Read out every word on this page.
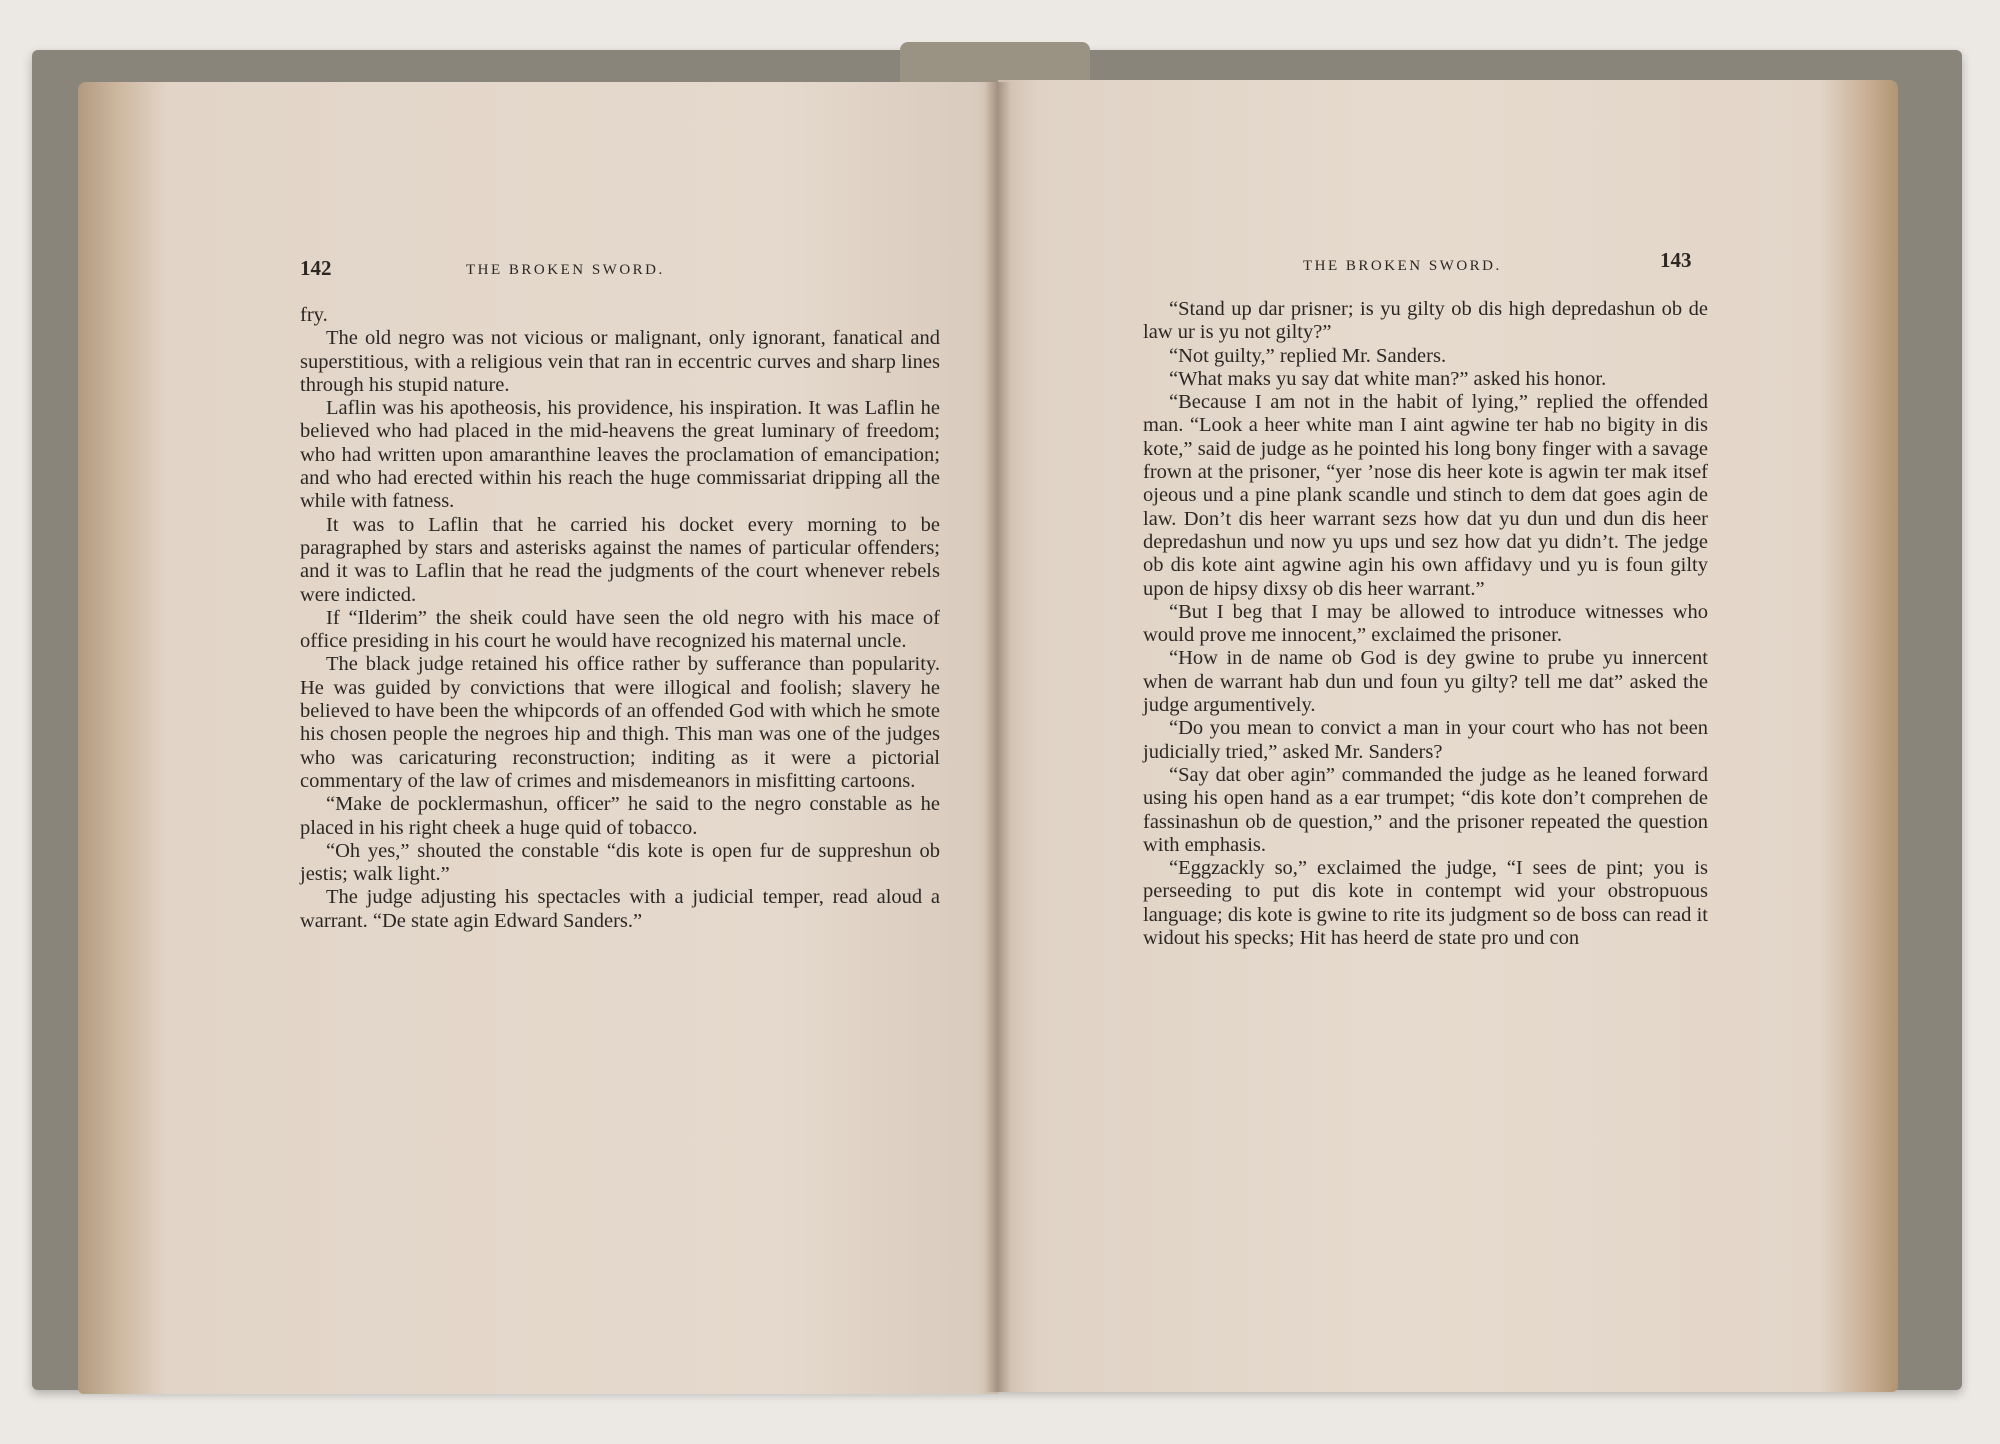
142	THE BROKEN SWORD.

fry.

The old negro was not vicious or malignant, only ignorant, fanatical and superstitious, with a religious vein that ran in eccentric curves and sharp lines through his stupid nature.

Laflin was his apotheosis, his providence, his inspiration. It was Laflin he believed who had placed in the mid-heavens the great luminary of freedom; who had written upon amaranthine leaves the proclamation of emancipation; and who had erected within his reach the huge commissariat dripping all the while with fatness.

It was to Laflin that he carried his docket every morning to be paragraphed by stars and asterisks against the names of particular offenders; and it was to Laflin that he read the judgments of the court whenever rebels were indicted.

If “Ilderim” the sheik could have seen the old negro with his mace of office presiding in his court he would have recognized his maternal uncle.

The black judge retained his office rather by sufferance than popularity. He was guided by convictions that were illogical and foolish; slavery he believed to have been the whipcords of an offended God with which he smote his chosen people the negroes hip and thigh. This man was one of the judges who was caricaturing reconstruction; inditing as it were a pictorial commentary of the law of crimes and misdemeanors in misfitting cartoons.

“Make de pocklermashun, officer” he said to the negro constable as he placed in his right cheek a huge quid of tobacco.

“Oh yes,” shouted the constable “dis kote is open fur de suppreshun ob jestis; walk light.”

The judge adjusting his spectacles with a judicial temper, read aloud a warrant. “De state agin Edward Sanders.”

THE BROKEN SWORD.	143

“Stand up dar prisner; is yu gilty ob dis high depredashun ob de law ur is yu not gilty?”

“Not guilty,” replied Mr. Sanders.

“What maks yu say dat white man?” asked his honor.

“Because I am not in the habit of lying,” replied the offended man. “Look a heer white man I aint agwine ter hab no bigity in dis kote,” said de judge as he pointed his long bony finger with a savage frown at the prisoner, “yer ’nose dis heer kote is agwin ter mak itsef ojeous und a pine plank scandle und stinch to dem dat goes agin de law. Don’t dis heer warrant sezs how dat yu dun und dun dis heer depredashun und now yu ups und sez how dat yu didn’t. The jedge ob dis kote aint agwine agin his own affidavy und yu is foun gilty upon de hipsy dixsy ob dis heer warrant.”

“But I beg that I may be allowed to introduce witnesses who would prove me innocent,” exclaimed the prisoner.

“How in de name ob God is dey gwine to prube yu innercent when de warrant hab dun und foun yu gilty? tell me dat” asked the judge argumentively.

“Do you mean to convict a man in your court who has not been judicially tried,” asked Mr. Sanders?

“Say dat ober agin” commanded the judge as he leaned forward using his open hand as a ear trumpet; “dis kote don’t comprehen de fassinashun ob de question,” and the prisoner repeated the question with emphasis.

“Eggzackly so,” exclaimed the judge, “I sees de pint; you is perseeding to put dis kote in contempt wid your obstropuous language; dis kote is gwine to rite its judgment so de boss can read it widout his specks; Hit has heerd de state pro und con
